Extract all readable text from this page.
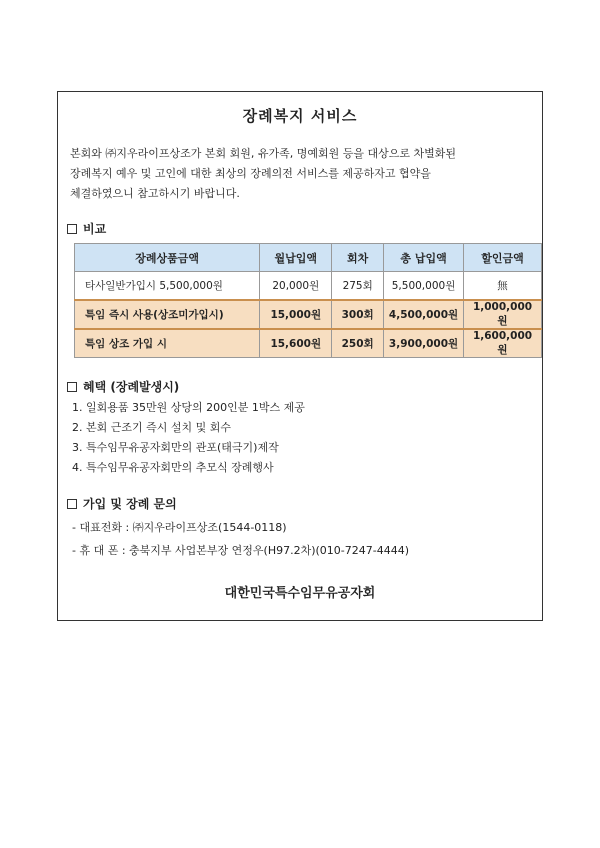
장례복지 서비스
본회와 ㈜지우라이프상조가 본회 회원, 유가족, 명예회원 등을 대상으로 차별화된
장례복지 예우 및 고인에 대한 최상의 장례의전 서비스를 제공하자고 협약을
체결하였으니 참고하시기 바랍니다.
비교
장례상품금액	월납입액	회차	총 납입액	할인금액
타사일반가입시 5,500,000원	20,000원	275회	5,500,000원	無
특임 즉시 사용(상조미가입시)	15,000원	300회	4,500,000원	1,000,000원
특임 상조 가입 시	15,600원	250회	3,900,000원	1,600,000원
혜택 (장례발생시)
1. 일회용품 35만원 상당의 200인분 1박스 제공
2. 본회 근조기 즉시 설치 및 회수
3. 특수임무유공자회만의 관포(태극기)제작
4. 특수임무유공자회만의 추모식 장례행사
가입 및 장례 문의
- 대표전화 : ㈜지우라이프상조(1544-0118)
- 휴 대 폰 : 충북지부 사업본부장 연정우(H97.2차)(010-7247-4444)
대한민국특수임무유공자회
